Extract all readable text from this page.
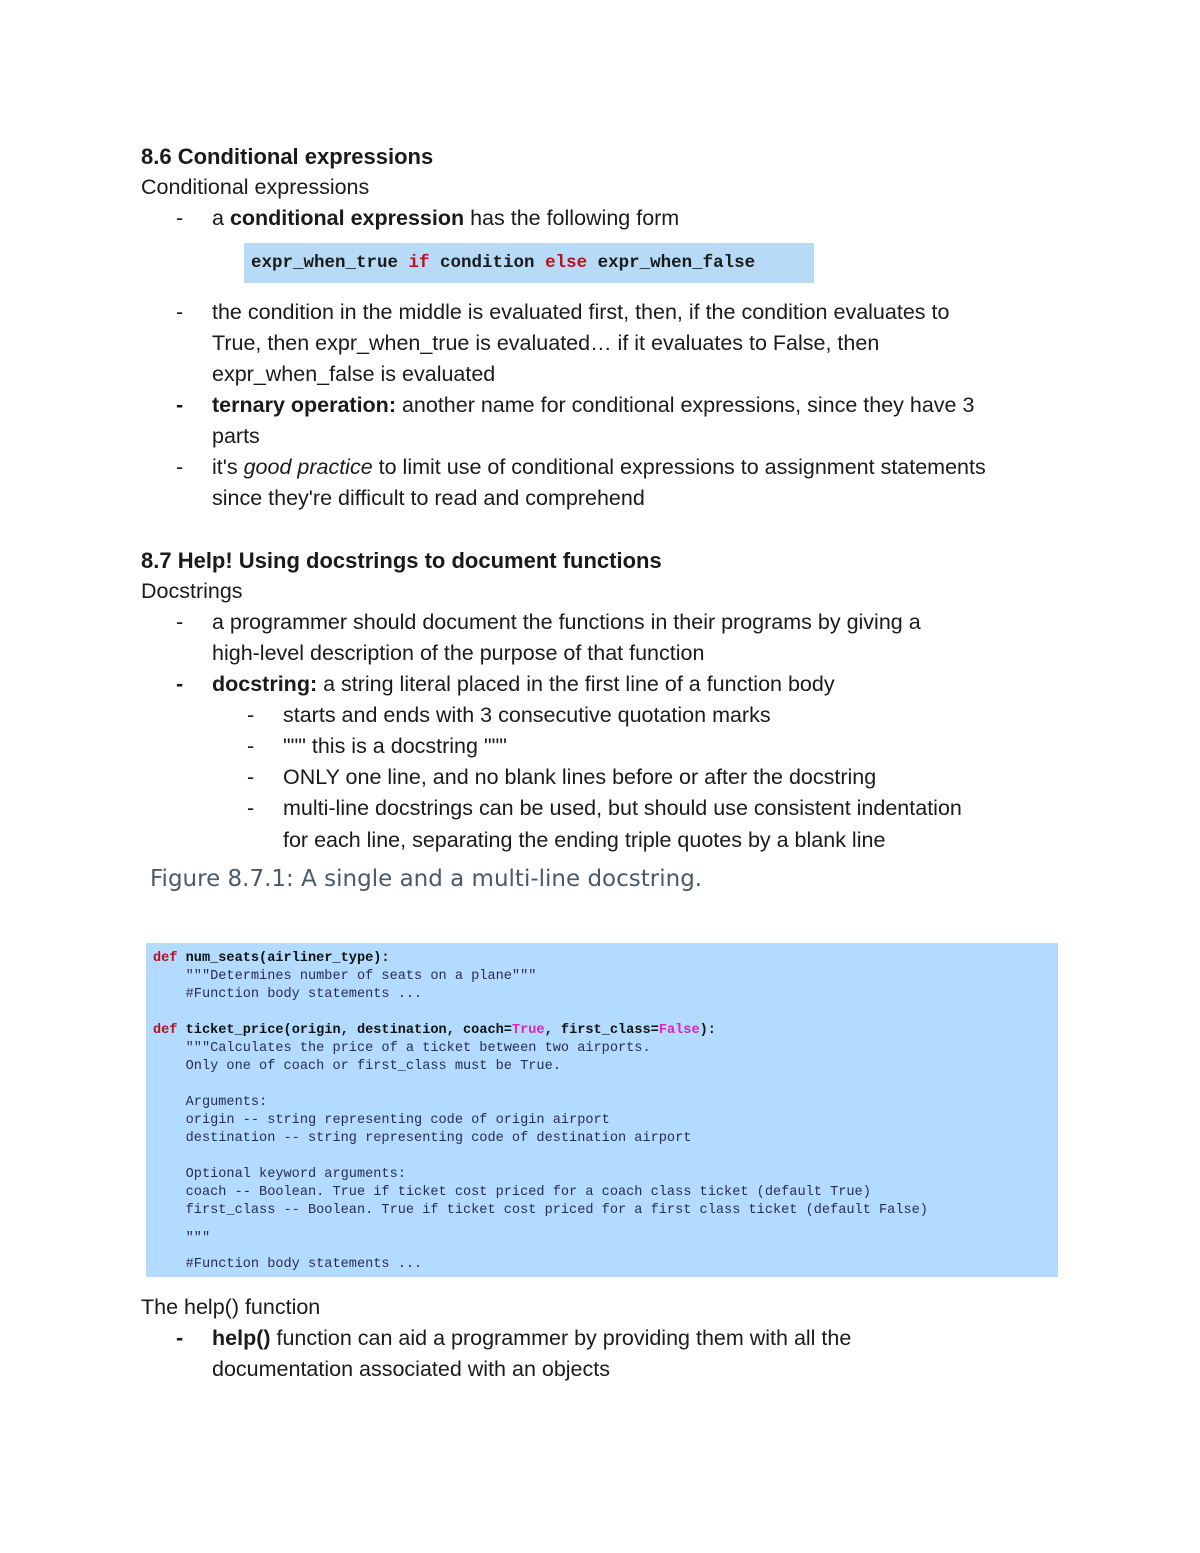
8.6 Conditional expressions
Conditional expressions
- a conditional expression has the following form
expr_when_true if condition else expr_when_false
- the condition in the middle is evaluated first, then, if the condition evaluates to
True, then expr_when_true is evaluated… if it evaluates to False, then
expr_when_false is evaluated
- ternary operation: another name for conditional expressions, since they have 3
parts
- it's good practice to limit use of conditional expressions to assignment statements
since they're difficult to read and comprehend
8.7 Help! Using docstrings to document functions
Docstrings
- a programmer should document the functions in their programs by giving a
high-level description of the purpose of that function
- docstring: a string literal placed in the first line of a function body
- starts and ends with 3 consecutive quotation marks
- """ this is a docstring """
- ONLY one line, and no blank lines before or after the docstring
- multi-line docstrings can be used, but should use consistent indentation
for each line, separating the ending triple quotes by a blank line
Figure 8.7.1: A single and a multi-line docstring.
def num_seats(airliner_type):
"""Determines number of seats on a plane"""
#Function body statements ...
def ticket_price(origin, destination, coach=True, first_class=False):
"""Calculates the price of a ticket between two airports.
Only one of coach or first_class must be True.
Arguments:
origin -- string representing code of origin airport
destination -- string representing code of destination airport
Optional keyword arguments:
coach -- Boolean. True if ticket cost priced for a coach class ticket (default True)
first_class -- Boolean. True if ticket cost priced for a first class ticket (default False)
"""
#Function body statements ...
The help() function
- help() function can aid a programmer by providing them with all the
documentation associated with an objects
